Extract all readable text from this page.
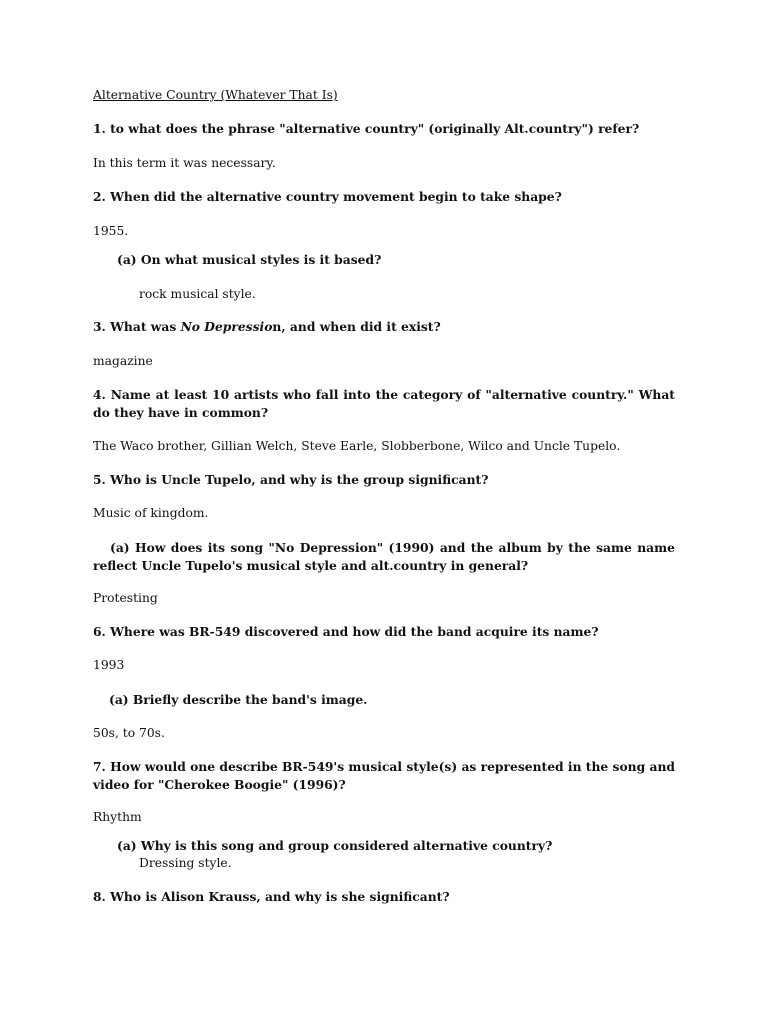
Alternative Country (Whatever That Is)
1. to what does the phrase "alternative country" (originally Alt.country") refer?
In this term it was necessary.
2. When did the alternative country movement begin to take shape?
1955.
(a) On what musical styles is it based?
rock musical style.
3. What was No Depression, and when did it exist?
magazine
4. Name at least 10 artists who fall into the category of "alternative country." What do they have in common?
The Waco brother, Gillian Welch, Steve Earle, Slobberbone, Wilco and Uncle Tupelo.
5. Who is Uncle Tupelo, and why is the group significant?
Music of kingdom.
(a) How does its song "No Depression" (1990) and the album by the same name reflect Uncle Tupelo's musical style and alt.country in general?
Protesting
6. Where was BR-549 discovered and how did the band acquire its name?
1993
(a) Briefly describe the band's image.
50s, to 70s.
7. How would one describe BR-549's musical style(s) as represented in the song and video for "Cherokee Boogie" (1996)?
Rhythm
(a) Why is this song and group considered alternative country?
Dressing style.
8. Who is Alison Krauss, and why is she significant?
